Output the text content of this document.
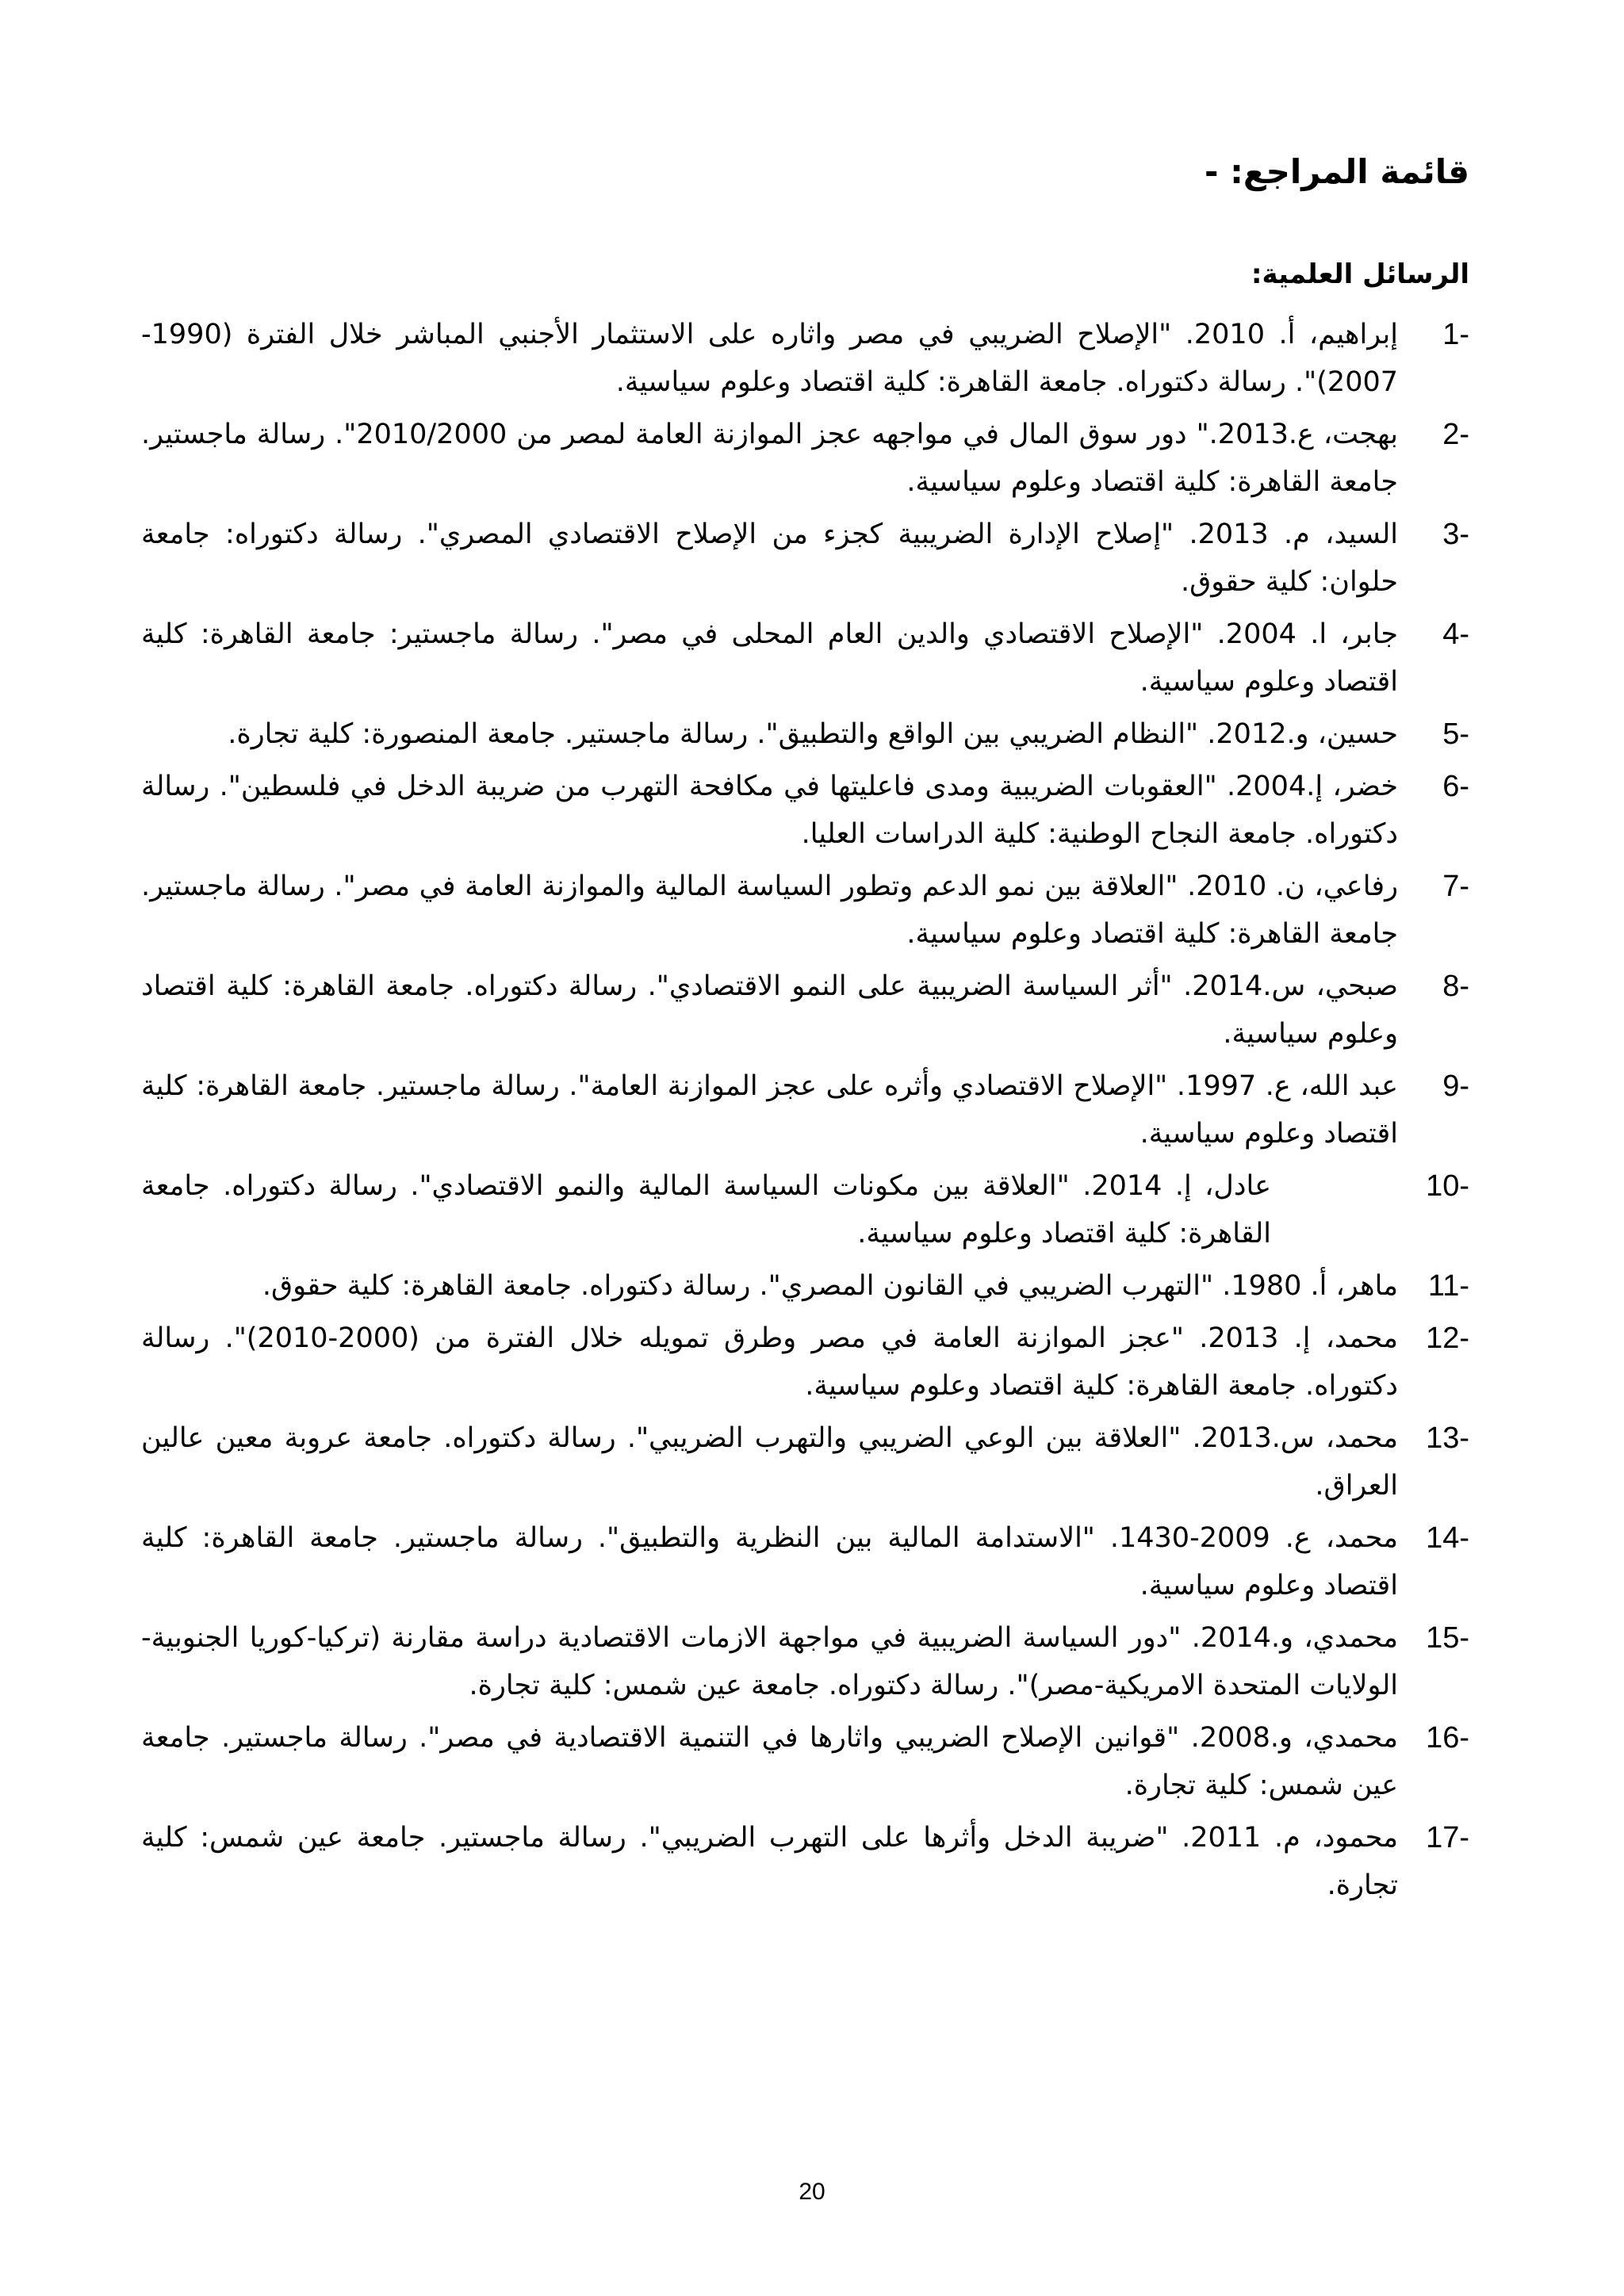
قائمة المراجع: -
الرسائل العلمية:
1-
إبراهيم، أ. 2010. "الإصلاح الضريبي في مصر واثاره على الاستثمار الأجنبي المباشر خلال الفترة (1990-2007)". رسالة دكتوراه. جامعة القاهرة: كلية اقتصاد وعلوم سياسية.
2-
بهجت، ع.2013." دور سوق المال في مواجهه عجز الموازنة العامة لمصر من 2010/2000". رسالة ماجستير. جامعة القاهرة: كلية اقتصاد وعلوم سياسية.
3-
السيد، م. 2013. "إصلاح الإدارة الضريبية كجزء من الإصلاح الاقتصادي المصري". رسالة دكتوراه: جامعة حلوان: كلية حقوق.
4-
جابر، ا. 2004. "الإصلاح الاقتصادي والدين العام المحلى في مصر". رسالة ماجستير: جامعة القاهرة: كلية اقتصاد وعلوم سياسية.
5-
حسين، و.2012. "النظام الضريبي بين الواقع والتطبيق". رسالة ماجستير. جامعة المنصورة: كلية تجارة.
6-
خضر، إ.2004. "العقوبات الضريبية ومدى فاعليتها في مكافحة التهرب من ضريبة الدخل في فلسطين". رسالة دكتوراه. جامعة النجاح الوطنية: كلية الدراسات العليا.
7-
رفاعي، ن. 2010. "العلاقة بين نمو الدعم وتطور السياسة المالية والموازنة العامة في مصر". رسالة ماجستير. جامعة القاهرة: كلية اقتصاد وعلوم سياسية.
8-
صبحي، س.2014. "أثر السياسة الضريبية على النمو الاقتصادي". رسالة دكتوراه. جامعة القاهرة: كلية اقتصاد وعلوم سياسية.
9-
عبد الله، ع. 1997. "الإصلاح الاقتصادي وأثره على عجز الموازنة العامة". رسالة ماجستير. جامعة القاهرة: كلية اقتصاد وعلوم سياسية.
10-
عادل، إ. 2014. "العلاقة بين مكونات السياسة المالية والنمو الاقتصادي". رسالة دكتوراه. جامعة القاهرة: كلية اقتصاد وعلوم سياسية.
11-
ماهر، أ. 1980. "التهرب الضريبي في القانون المصري". رسالة دكتوراه. جامعة القاهرة: كلية حقوق.
12-
محمد، إ. 2013. "عجز الموازنة العامة في مصر وطرق تمويله خلال الفترة من (2000-2010)". رسالة دكتوراه. جامعة القاهرة: كلية اقتصاد وعلوم سياسية.
13-
محمد، س.2013. "العلاقة بين الوعي الضريبي والتهرب الضريبي". رسالة دكتوراه. جامعة عروبة معين عالين العراق.
14-
محمد، ع. 2009-1430. "الاستدامة المالية بين النظرية والتطبيق". رسالة ماجستير. جامعة القاهرة: كلية اقتصاد وعلوم سياسية.
15-
محمدي، و.2014. "دور السياسة الضريبية في مواجهة الازمات الاقتصادية دراسة مقارنة (تركيا-كوريا الجنوبية-الولايات المتحدة الامريكية-مصر)". رسالة دكتوراه. جامعة عين شمس: كلية تجارة.
16-
محمدي، و.2008. "قوانين الإصلاح الضريبي واثارها في التنمية الاقتصادية في مصر". رسالة ماجستير. جامعة عين شمس: كلية تجارة.
17-
محمود، م. 2011. "ضريبة الدخل وأثرها على التهرب الضريبي". رسالة ماجستير. جامعة عين شمس: كلية تجارة.
20
